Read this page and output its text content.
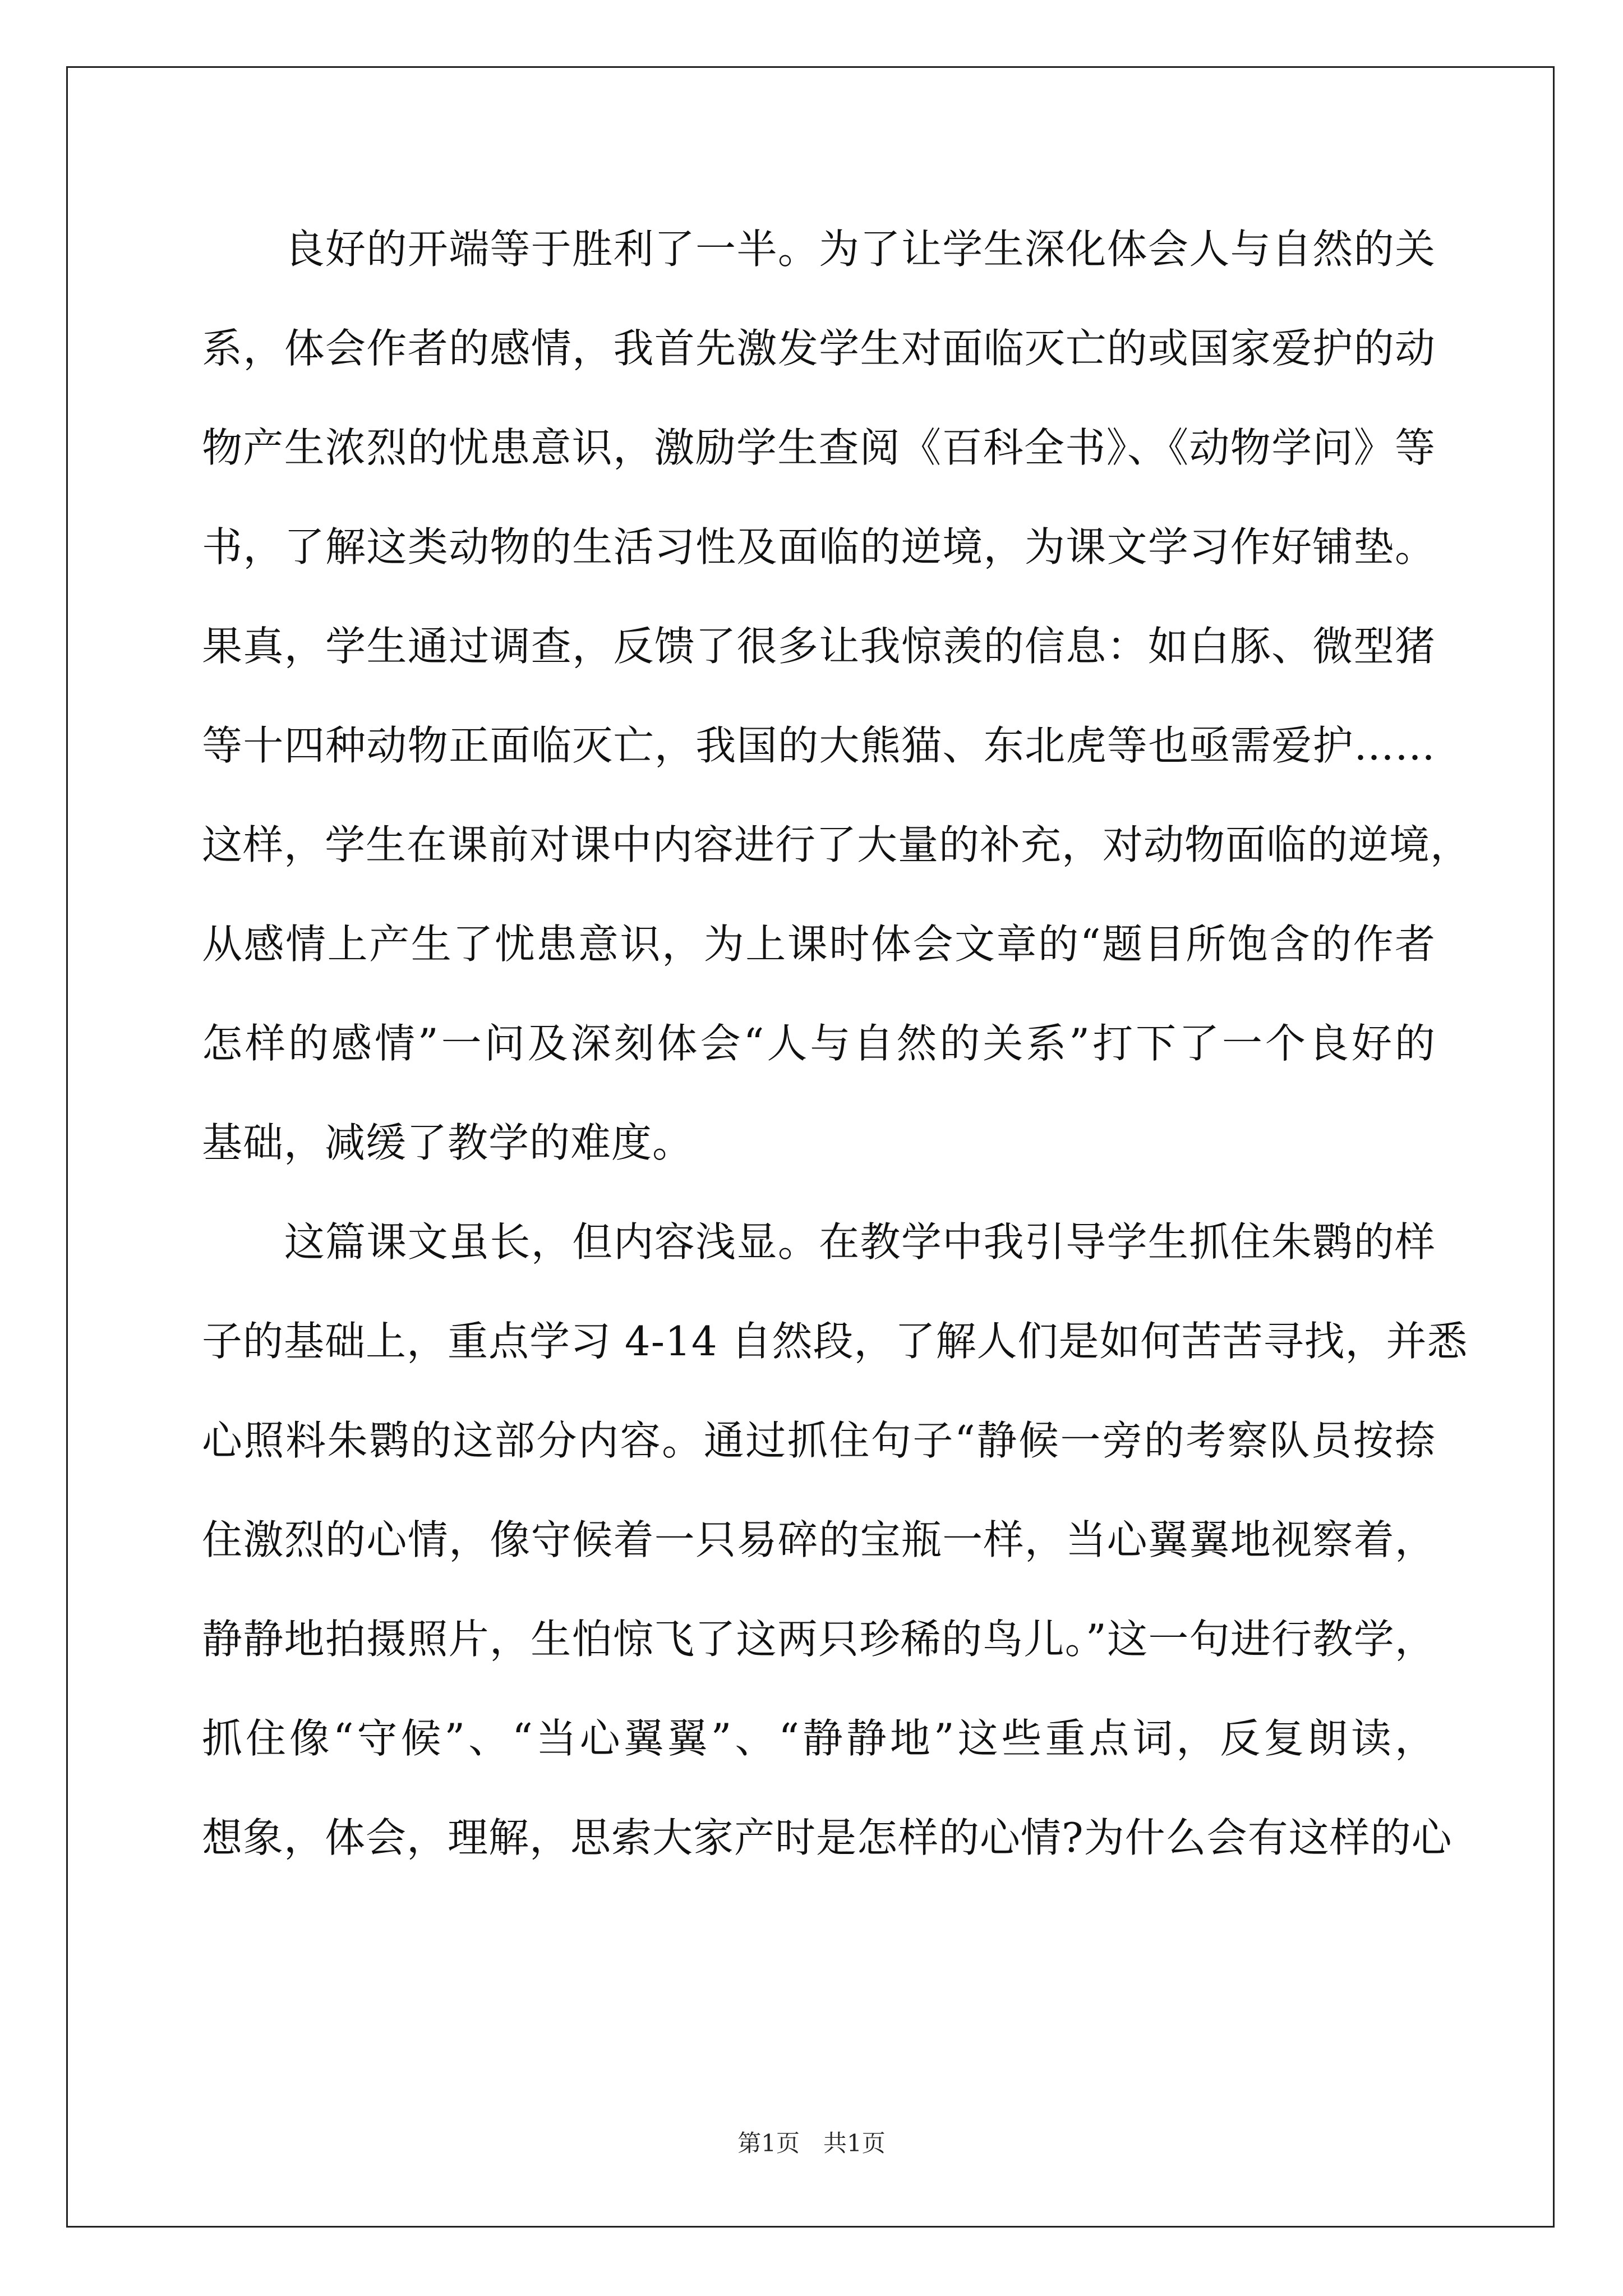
　　良好的开端等于胜利了一半。为了让学生深化体会人与自然的关
系，体会作者的感情，我首先激发学生对面临灭亡的或国家爱护的动
物产生浓烈的忧患意识，激励学生查阅《百科全书》、《动物学问》等
书，了解这类动物的生活习性及面临的逆境，为课文学习作好铺垫。
果真，学生通过调查，反馈了很多让我惊羡的信息：如白豚、微型猪
等十四种动物正面临灭亡，我国的大熊猫、东北虎等也亟需爱护……
这样，学生在课前对课中内容进行了大量的补充，对动物面临的逆境，
从感情上产生了忧患意识，为上课时体会文章的“题目所饱含的作者
怎样的感情”一问及深刻体会“人与自然的关系”打下了一个良好的
基础，减缓了教学的难度。
　　这篇课文虽长，但内容浅显。在教学中我引导学生抓住朱鹮的样
子的基础上，重点学习 4-14 自然段，了解人们是如何苦苦寻找，并悉
心照料朱鹮的这部分内容。通过抓住句子“静候一旁的考察队员按捺
住激烈的心情，像守候着一只易碎的宝瓶一样，当心翼翼地视察着，
静静地拍摄照片，生怕惊飞了这两只珍稀的鸟儿。”这一句进行教学，
抓住像“守候”、“当心翼翼”、“静静地”这些重点词，反复朗读，
想象，体会，理解，思索大家产时是怎样的心情?为什么会有这样的心
第1页　共1页
